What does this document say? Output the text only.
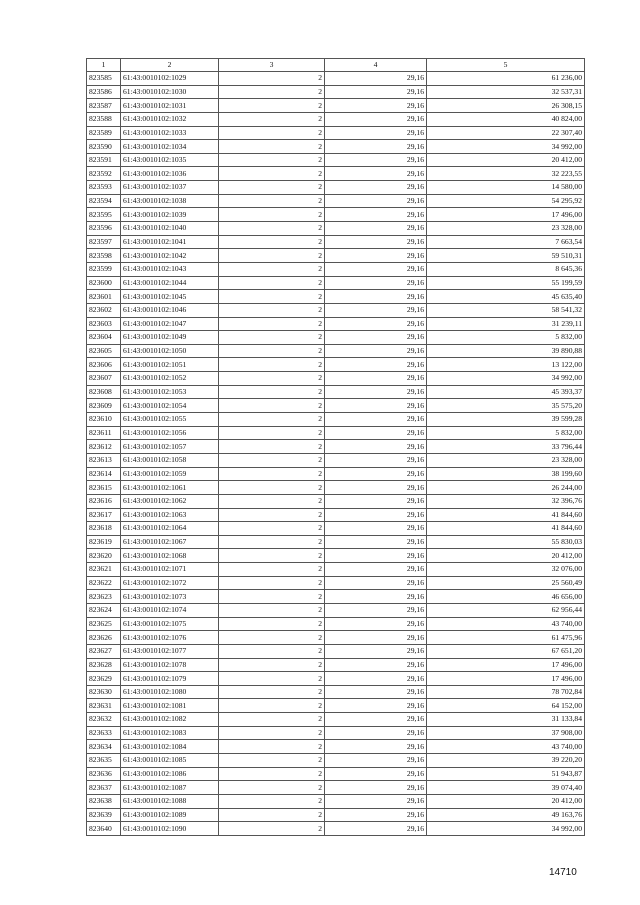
1	2	3	4	5
823585	61:43:0010102:1029	2	29,16	61 236,00
823586	61:43:0010102:1030	2	29,16	32 537,31
823587	61:43:0010102:1031	2	29,16	26 308,15
823588	61:43:0010102:1032	2	29,16	40 824,00
823589	61:43:0010102:1033	2	29,16	22 307,40
823590	61:43:0010102:1034	2	29,16	34 992,00
823591	61:43:0010102:1035	2	29,16	20 412,00
823592	61:43:0010102:1036	2	29,16	32 223,55
823593	61:43:0010102:1037	2	29,16	14 580,00
823594	61:43:0010102:1038	2	29,16	54 295,92
823595	61:43:0010102:1039	2	29,16	17 496,00
823596	61:43:0010102:1040	2	29,16	23 328,00
823597	61:43:0010102:1041	2	29,16	7 663,54
823598	61:43:0010102:1042	2	29,16	59 510,31
823599	61:43:0010102:1043	2	29,16	8 645,36
823600	61:43:0010102:1044	2	29,16	55 199,59
823601	61:43:0010102:1045	2	29,16	45 635,40
823602	61:43:0010102:1046	2	29,16	58 541,32
823603	61:43:0010102:1047	2	29,16	31 239,11
823604	61:43:0010102:1049	2	29,16	5 832,00
823605	61:43:0010102:1050	2	29,16	39 890,88
823606	61:43:0010102:1051	2	29,16	13 122,00
823607	61:43:0010102:1052	2	29,16	34 992,00
823608	61:43:0010102:1053	2	29,16	45 393,37
823609	61:43:0010102:1054	2	29,16	35 575,20
823610	61:43:0010102:1055	2	29,16	39 599,28
823611	61:43:0010102:1056	2	29,16	5 832,00
823612	61:43:0010102:1057	2	29,16	33 796,44
823613	61:43:0010102:1058	2	29,16	23 328,00
823614	61:43:0010102:1059	2	29,16	38 199,60
823615	61:43:0010102:1061	2	29,16	26 244,00
823616	61:43:0010102:1062	2	29,16	32 396,76
823617	61:43:0010102:1063	2	29,16	41 844,60
823618	61:43:0010102:1064	2	29,16	41 844,60
823619	61:43:0010102:1067	2	29,16	55 830,03
823620	61:43:0010102:1068	2	29,16	20 412,00
823621	61:43:0010102:1071	2	29,16	32 076,00
823622	61:43:0010102:1072	2	29,16	25 560,49
823623	61:43:0010102:1073	2	29,16	46 656,00
823624	61:43:0010102:1074	2	29,16	62 956,44
823625	61:43:0010102:1075	2	29,16	43 740,00
823626	61:43:0010102:1076	2	29,16	61 475,96
823627	61:43:0010102:1077	2	29,16	67 651,20
823628	61:43:0010102:1078	2	29,16	17 496,00
823629	61:43:0010102:1079	2	29,16	17 496,00
823630	61:43:0010102:1080	2	29,16	78 702,84
823631	61:43:0010102:1081	2	29,16	64 152,00
823632	61:43:0010102:1082	2	29,16	31 133,84
823633	61:43:0010102:1083	2	29,16	37 908,00
823634	61:43:0010102:1084	2	29,16	43 740,00
823635	61:43:0010102:1085	2	29,16	39 220,20
823636	61:43:0010102:1086	2	29,16	51 943,87
823637	61:43:0010102:1087	2	29,16	39 074,40
823638	61:43:0010102:1088	2	29,16	20 412,00
823639	61:43:0010102:1089	2	29,16	49 163,76
823640	61:43:0010102:1090	2	29,16	34 992,00
14710
